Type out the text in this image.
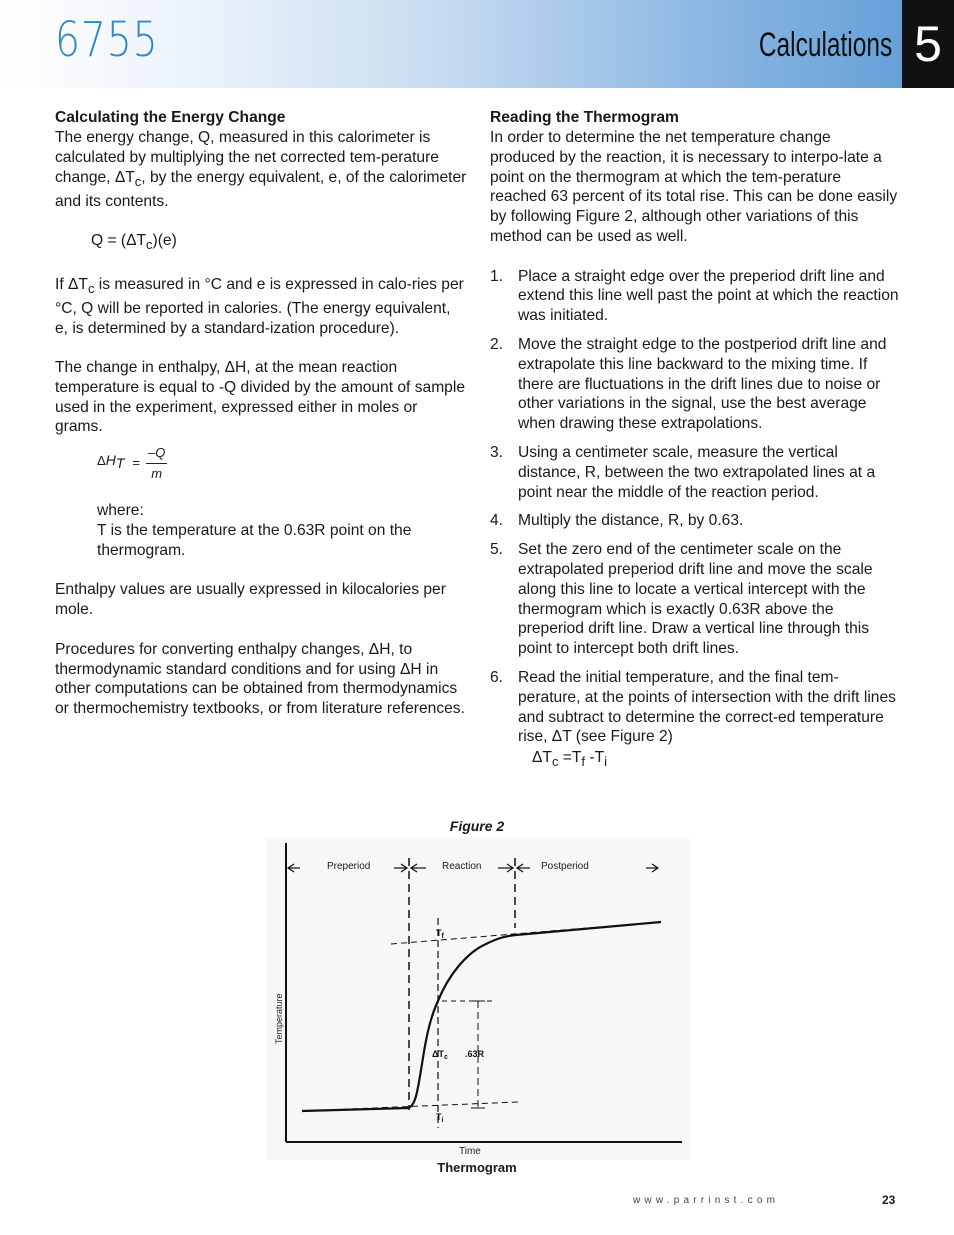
6755	Calculations 5
Calculating the Energy Change

The energy change, Q, measured in this calorimeter is calculated by multiplying the net corrected tem-perature change, $\Delta T_c$, by the energy equivalent, e, of the calorimeter and its contents.

$Q = (\Delta T_c)(e)$

If $\Delta T_c$ is measured in °C and e is expressed in calo-ries per °C, Q will be reported in calories. (The energy equivalent, e, is determined by a standard-ization procedure).

The change in enthalpy, ΔH, at the mean reaction temperature is equal to -Q divided by the amount of sample used in the experiment, expressed either in moles or grams.

$\Delta H_T = \frac{-Q}{m}$

where:

T is the temperature at the 0.63R point on the thermogram.

Enthalpy values are usually expressed in kilocalories per mole.

Procedures for converting enthalpy changes, ΔH, to thermodynamic standard conditions and for using ΔH in other computations can be obtained from thermodynamics or thermochemistry textbooks, or from literature references.

Reading the Thermogram

In order to determine the net temperature change produced by the reaction, it is necessary to interpo-late a point on the thermogram at which the tem-perature reached 63 percent of its total rise. This can be done easily by following Figure 2, although other variations of this method can be used as well.

1. Place a straight edge over the preperiod drift line and extend this line well past the point at which the reaction was initiated.
2. Move the straight edge to the postperiod drift line and extrapolate this line backward to the mixing time. If there are fluctuations in the drift lines due to noise or other variations in the signal, use the best average when drawing these extrapolations.
3. Using a centimeter scale, measure the vertical distance, R, between the two extrapolated lines at a point near the middle of the reaction period.
4. Multiply the distance, R, by 0.63.
5. Set the zero end of the centimeter scale on the extrapolated preperiod drift line and move the scale along this line to locate a vertical intercept with the thermogram which is exactly 0.63R above the preperiod drift line. Draw a vertical line through this point to intercept both drift lines.
6. Read the initial temperature, and the final tem-perature, at the points of intersection with the drift lines and subtract to determine the correct-ed temperature rise, ΔT (see Figure 2)

$\Delta T_c =T_f$ $-T_i$

Figure 2
Preperiod	Reaction	Postperiod
Temperature
Time
$T_f$
$T_i$
$\Delta T_c$ .63R
Thermogram
www.parrinst.com	23
